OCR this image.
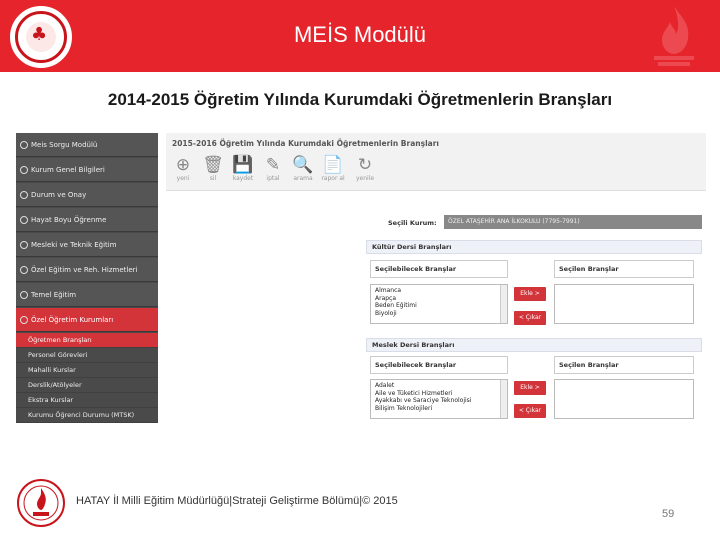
♣	MEİS Modülü
2014-2015 Öğretim Yılında Kurumdaki Öğretmenlerin Branşları
Meis Sorgu Modülü
Kurum Genel Bilgileri
Durum ve Onay
Hayat Boyu Öğrenme
Mesleki ve Teknik Eğitim
Özel Eğitim ve Reh. Hizmetleri
Temel Eğitim
Özel Öğretim Kurumları
Öğretmen Branşları
Personel Görevleri
Mahalli Kurslar
Derslik/Atölyeler
Ekstra Kurslar
Kurumu Öğrenci Durumu (MTSK)
2015-2016 Öğretim Yılında Kurumdaki Öğretmenlerin Branşları
⊕
yeni
🗑
sil
💾
kaydet
✎
iptal
🔍
arama
📄
rapor al
↻
yenile
Seçili Kurum:	ÖZEL ATAŞEHİR ANA İLKOKULU (7795-7991)
Kültür Dersi Branşları
Seçilebilecek Branşlar	Seçilen Branşlar
Almanca
Arapça
Beden Eğitimi
Biyoloji
Ekle >
< Çıkar
Meslek Dersi Branşları
Seçilebilecek Branşlar	Seçilen Branşlar
Adalet
Aile ve Tüketici Hizmetleri
Ayakkabı ve Saraciye Teknolojisi
Bilişim Teknolojileri
Ekle >
< Çıkar
HATAY İl Milli Eğitim Müdürlüğü|Strateji Geliştirme Bölümü|© 2015
59
